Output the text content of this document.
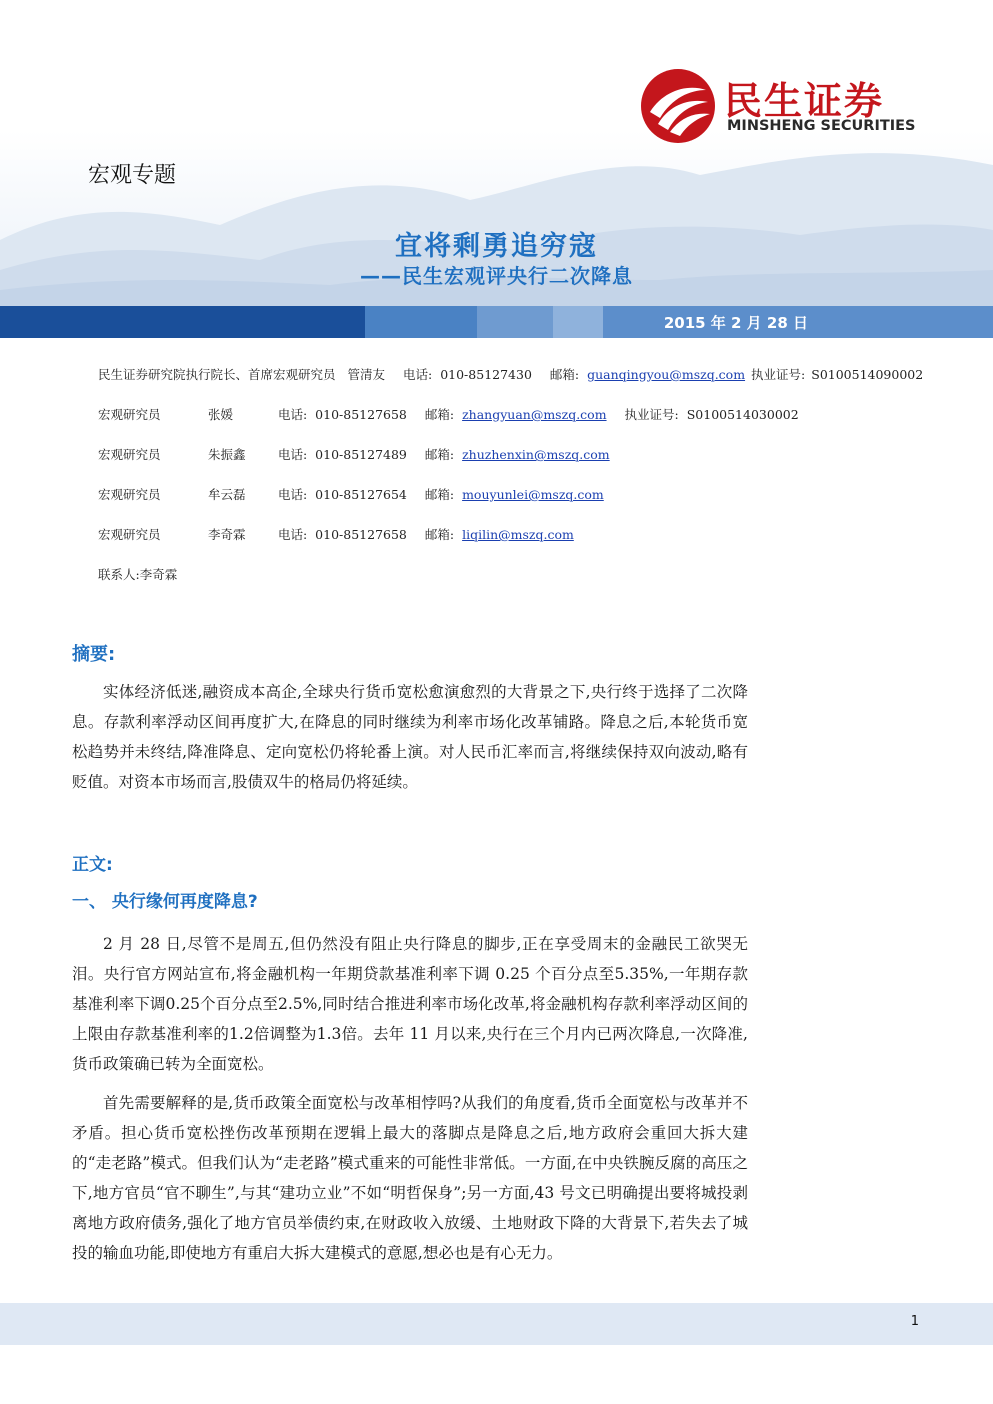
民生证券
MINSHENG SECURITIES
宏观专题
宜将剩勇追穷寇
——民生宏观评央行二次降息
2015 年 2 月 28 日
民生证券研究院执行院长、首席宏观研究员 管清友 电话: 010-85127430 邮箱: guanqingyou@mszq.com 执业证号: S0100514090002
宏观研究员	张媛	电话: 010-85127658 邮箱: zhangyuan@mszq.com 执业证号: S0100514030002
宏观研究员	朱振鑫	电话: 010-85127489 邮箱: zhuzhenxin@mszq.com
宏观研究员	牟云磊	电话: 010-85127654 邮箱: mouyunlei@mszq.com
宏观研究员	李奇霖	电话: 010-85127658 邮箱: liqilin@mszq.com
联系人:李奇霖
摘要:
实体经济低迷,融资成本高企,全球央行货币宽松愈演愈烈的大背景之下,央行终于选择了二次降息。存款利率浮动区间再度扩大,在降息的同时继续为利率市场化改革铺路。降息之后,本轮货币宽松趋势并未终结,降准降息、定向宽松仍将轮番上演。对人民币汇率而言,将继续保持双向波动,略有贬值。对资本市场而言,股债双牛的格局仍将延续。
正文:
一、 央行缘何再度降息?
2 月 28 日,尽管不是周五,但仍然没有阻止央行降息的脚步,正在享受周末的金融民工欲哭无泪。央行官方网站宣布,将金融机构一年期贷款基准利率下调 0.25 个百分点至5.35%,一年期存款基准利率下调0.25个百分点至2.5%,同时结合推进利率市场化改革,将金融机构存款利率浮动区间的上限由存款基准利率的1.2倍调整为1.3倍。去年 11 月以来,央行在三个月内已两次降息,一次降准,货币政策确已转为全面宽松。
首先需要解释的是,货币政策全面宽松与改革相悖吗?从我们的角度看,货币全面宽松与改革并不矛盾。担心货币宽松挫伤改革预期在逻辑上最大的落脚点是降息之后,地方政府会重回大拆大建的“走老路”模式。但我们认为“走老路”模式重来的可能性非常低。一方面,在中央铁腕反腐的高压之下,地方官员“官不聊生”,与其“建功立业”不如“明哲保身”;另一方面,43 号文已明确提出要将城投剥离地方政府债务,强化了地方官员举债约束,在财政收入放缓、土地财政下降的大背景下,若失去了城投的输血功能,即使地方有重启大拆大建模式的意愿,想必也是有心无力。
1
